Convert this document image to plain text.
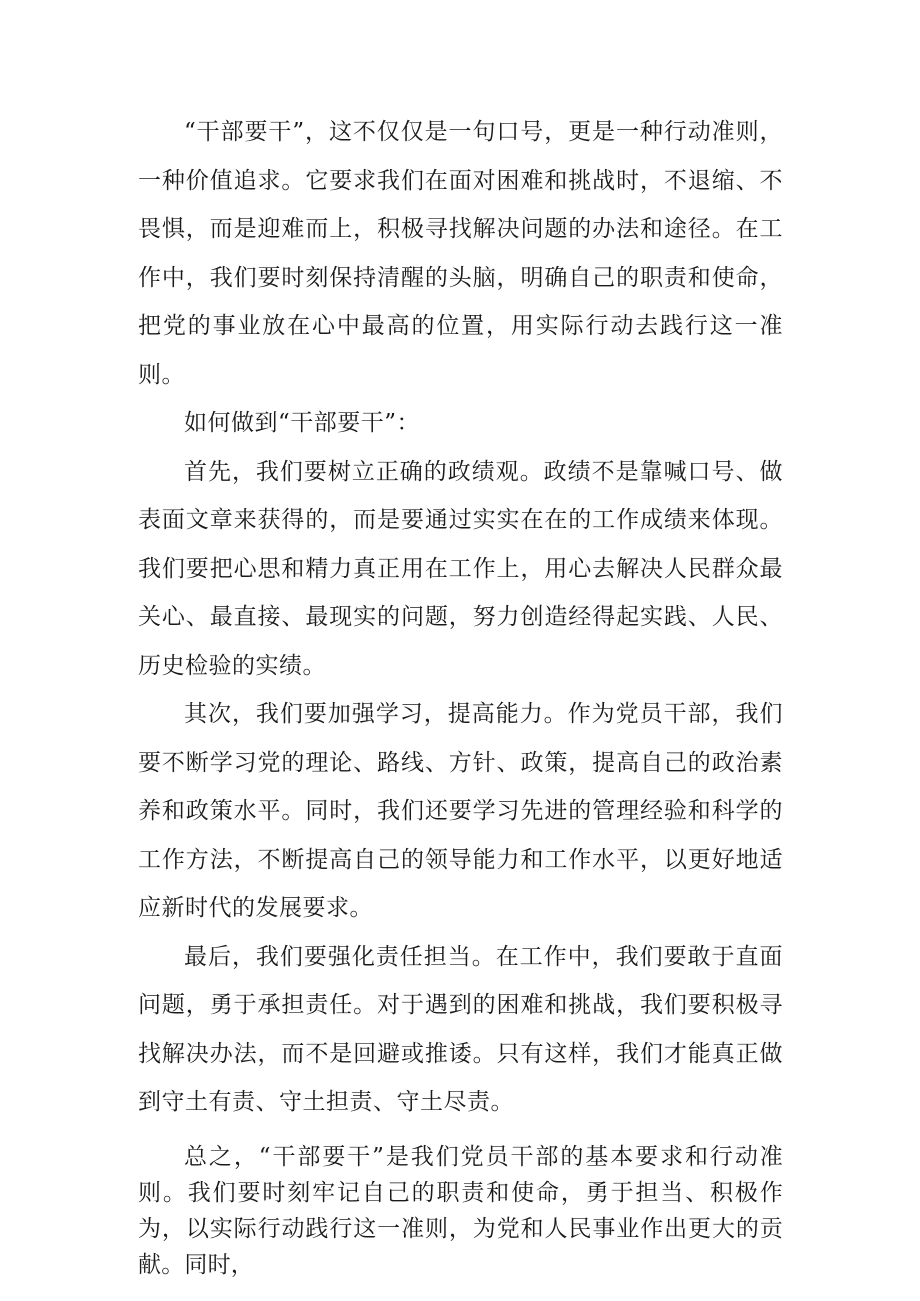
“干部要干”，这不仅仅是一句口号，更是一种行动准则，一种价值追求。它要求我们在面对困难和挑战时，不退缩、不畏惧，而是迎难而上，积极寻找解决问题的办法和途径。在工作中，我们要时刻保持清醒的头脑，明确自己的职责和使命，把党的事业放在心中最高的位置，用实际行动去践行这一准则。

如何做到“干部要干”：

首先，我们要树立正确的政绩观。政绩不是靠喊口号、做表面文章来获得的，而是要通过实实在在的工作成绩来体现。我们要把心思和精力真正用在工作上，用心去解决人民群众最关心、最直接、最现实的问题，努力创造经得起实践、人民、历史检验的实绩。

其次，我们要加强学习，提高能力。作为党员干部，我们要不断学习党的理论、路线、方针、政策，提高自己的政治素养和政策水平。同时，我们还要学习先进的管理经验和科学的工作方法，不断提高自己的领导能力和工作水平，以更好地适应新时代的发展要求。

最后，我们要强化责任担当。在工作中，我们要敢于直面问题，勇于承担责任。对于遇到的困难和挑战，我们要积极寻找解决办法，而不是回避或推诿。只有这样，我们才能真正做到守土有责、守土担责、守土尽责。

总之，“干部要干”是我们党员干部的基本要求和行动准则。我们要时刻牢记自己的职责和使命，勇于担当、积极作为，以实际行动践行这一准则，为党和人民事业作出更大的贡献。同时，
